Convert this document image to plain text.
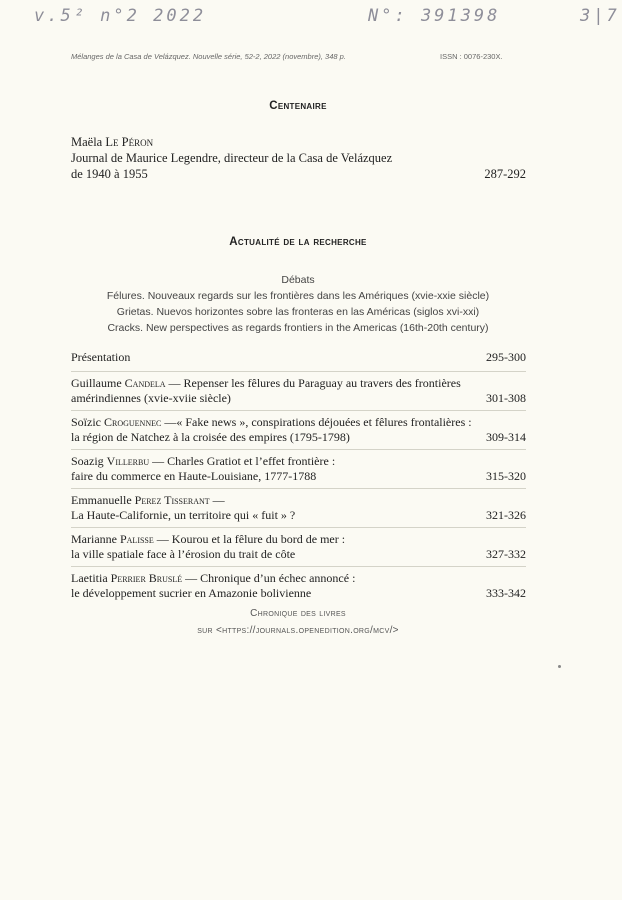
v.5² n°2 2022	N°: 391398	3|7
Mélanges de la Casa de Velázquez. Nouvelle série, 52-2, 2022 (novembre), 348 p.	ISSN : 0076-230X.
Centenaire
Maëla Le Péron
Journal de Maurice Legendre, directeur de la Casa de Velázquez
de 1940 à 1955	287-292
Actualité de la recherche
Débats
Félures. Nouveaux regards sur les frontières dans les Amériques (xvie-xxie siècle)
Grietas. Nuevos horizontes sobre las fronteras en las Américas (siglos xvi-xxi)
Cracks. New perspectives as regards frontiers in the Americas (16th-20th century)
Présentation	295-300
Guillaume Candela — Repenser les fêlures du Paraguay au travers des frontières
amérindiennes (xvie-xviie siècle)	301-308
Soïzic Croguennec —« Fake news », conspirations déjouées et fêlures frontalières :
la région de Natchez à la croisée des empires (1795-1798)	309-314
Soazig Villerbu — Charles Gratiot et l’effet frontière :
faire du commerce en Haute-Louisiane, 1777-1788	315-320
Emmanuelle Perez Tisserant —
La Haute-Californie, un territoire qui « fuit » ?	321-326
Marianne Palisse — Kourou et la fêlure du bord de mer :
la ville spatiale face à l’érosion du trait de côte	327-332
Laetitia Perrier Bruslé — Chronique d’un échec annoncé :
le développement sucrier en Amazonie bolivienne	333-342
Chronique des livres
sur <https://journals.openedition.org/mcv/>
